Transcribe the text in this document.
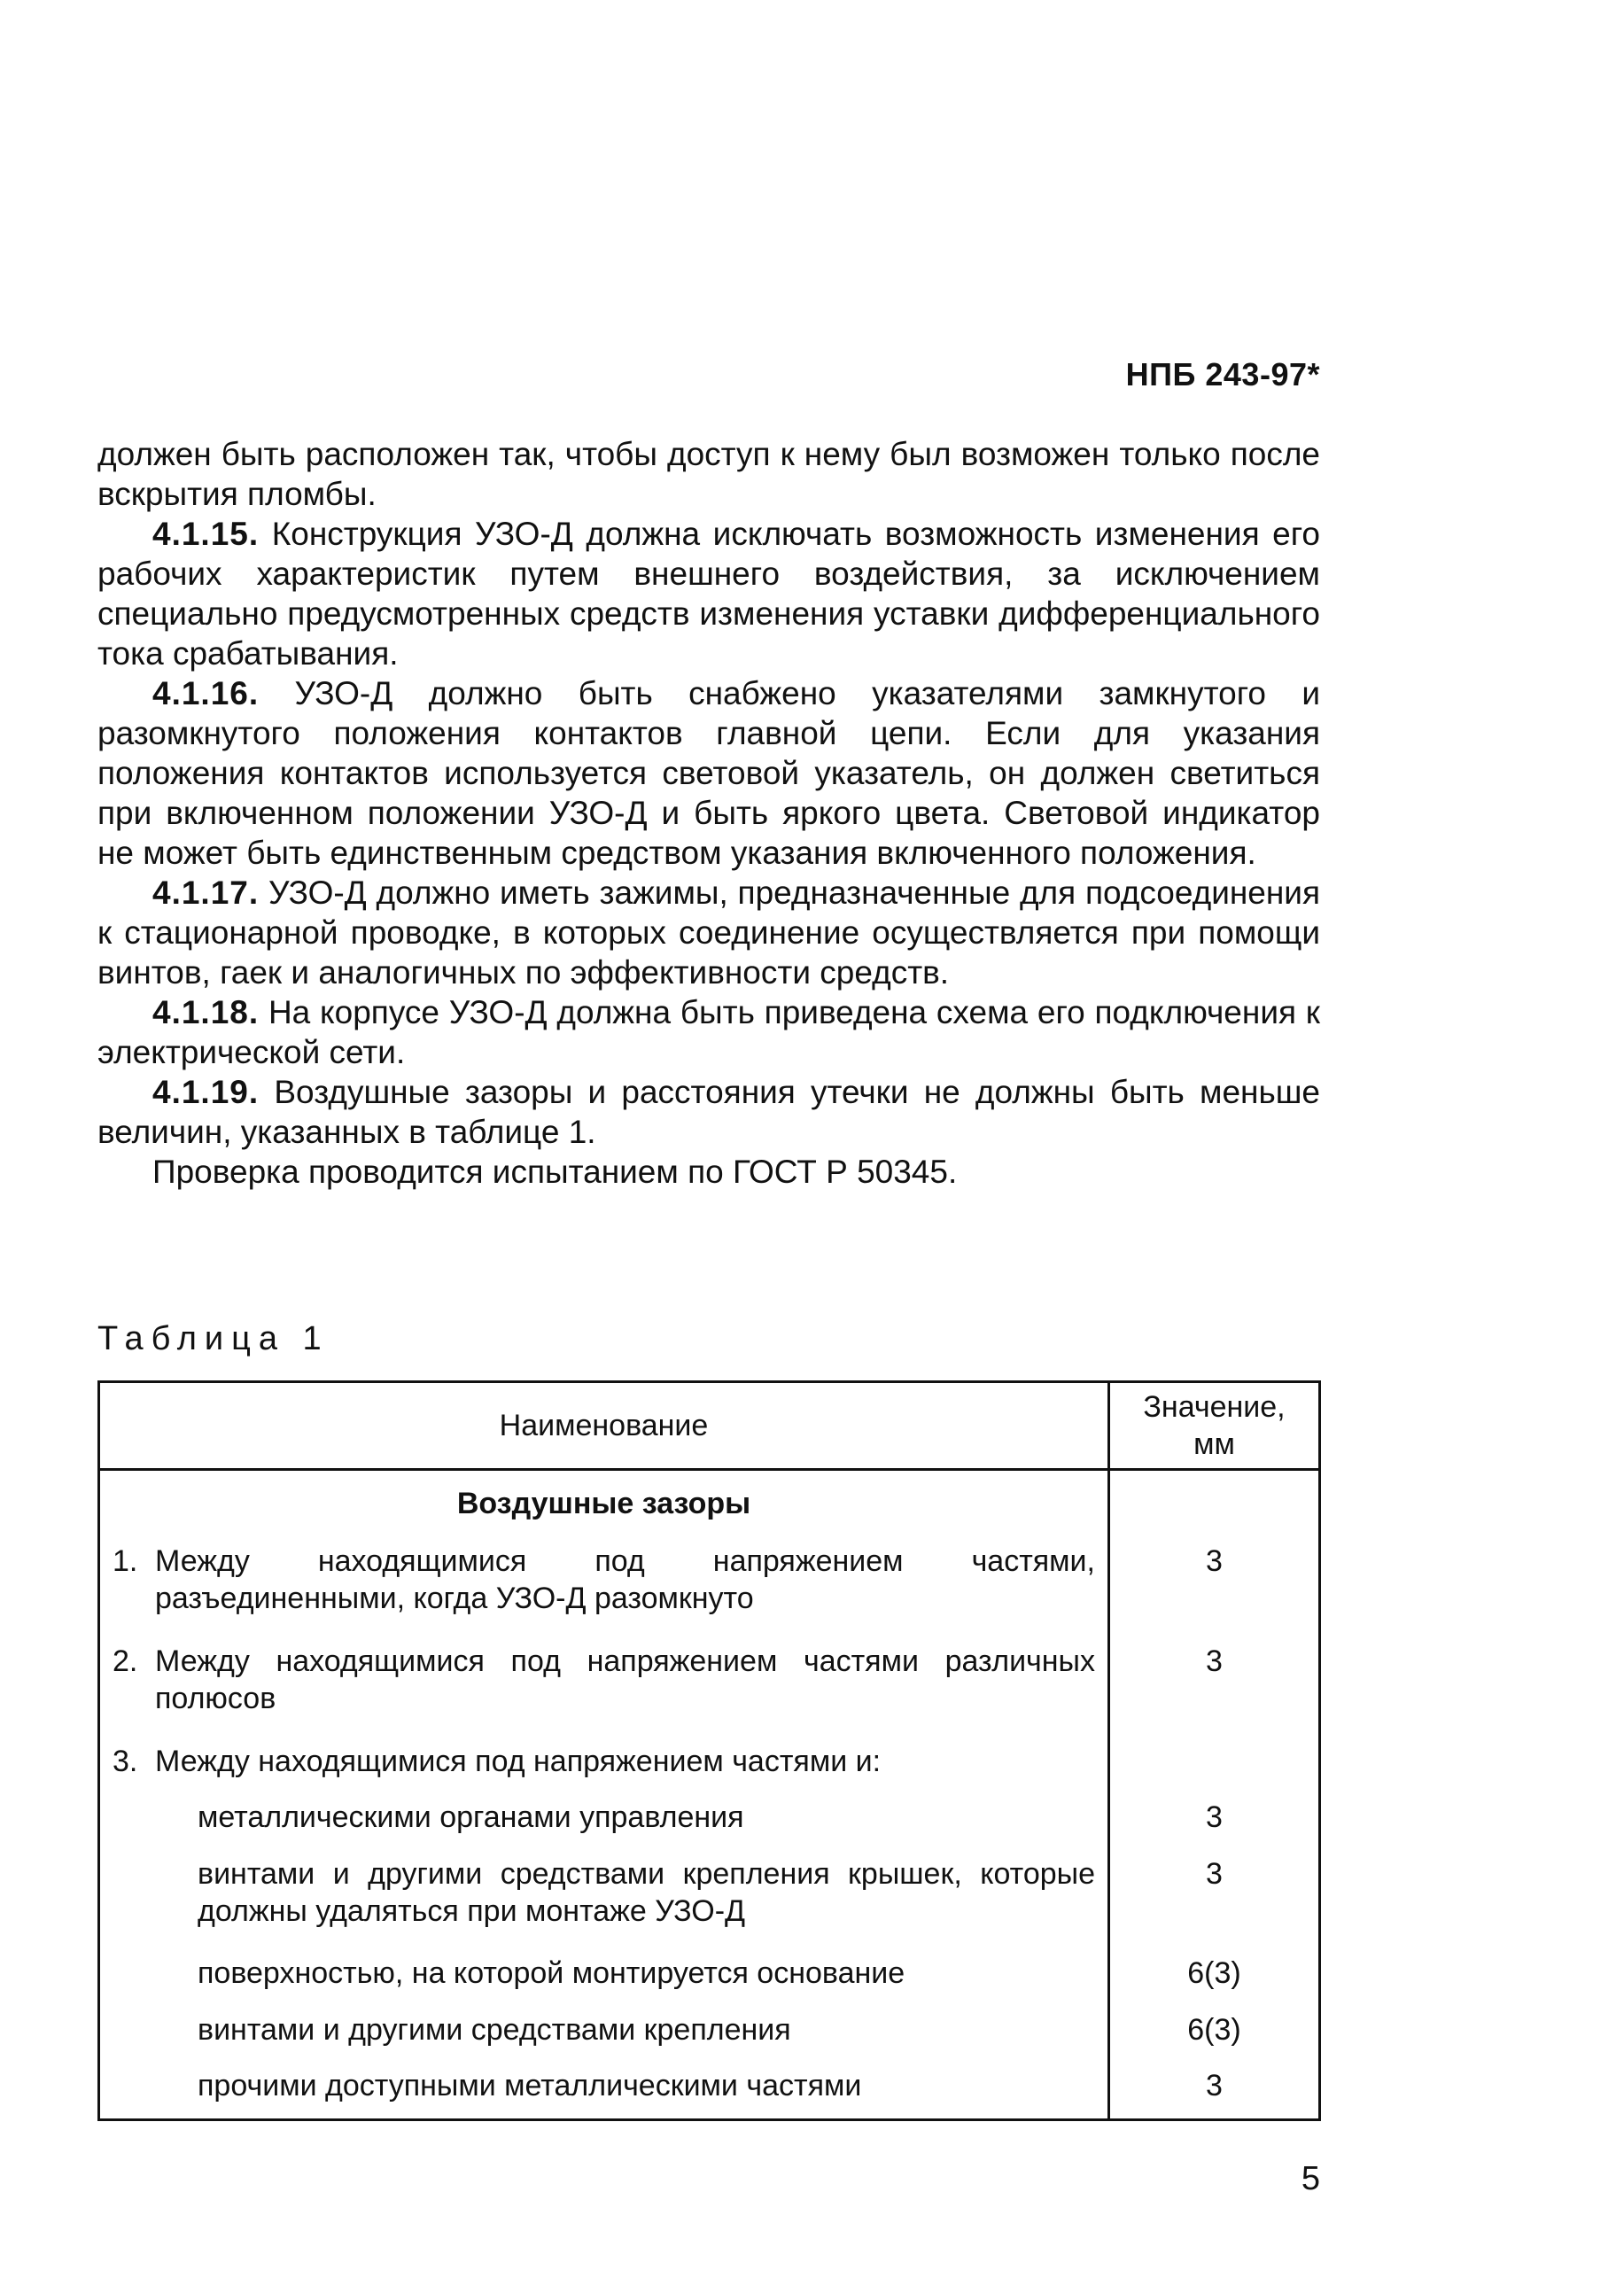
НПБ 243-97*

должен быть расположен так, чтобы доступ к нему был возможен только после вскрытия пломбы.

4.1.15. Конструкция УЗО-Д должна исключать возможность изменения его рабочих характеристик путем внешнего воздействия, за исключением специально предусмотренных средств изменения уставки дифференциального тока срабатывания.

4.1.16. УЗО-Д должно быть снабжено указателями замкнутого и разомкнутого положения контактов главной цепи. Если для указания положения контактов используется световой указатель, он должен светиться при включенном положении УЗО-Д и быть яркого цвета. Световой индикатор не может быть единственным средством указания включенного положения.

4.1.17. УЗО-Д должно иметь зажимы, предназначенные для подсоединения к стационарной проводке, в которых соединение осуществляется при помощи винтов, гаек и аналогичных по эффективности средств.

4.1.18. На корпусе УЗО-Д должна быть приведена схема его подключения к электрической сети.

4.1.19. Воздушные зазоры и расстояния утечки не должны быть меньше величин, указанных в таблице 1.

Проверка проводится испытанием по ГОСТ Р 50345.

Таблица 1
Наименование	Значение, мм
Воздушные зазоры	

1. Между находящимися под напряжением частями, разъединенными, когда УЗО-Д разомкнуто	3

2. Между находящимися под напряжением частями различных полюсов	3

3. Между находящимися под напряжением частями и:	

металлическими органами управления	3
винтами и другими средствами крепления крышек, которые должны удаляться при монтаже УЗО-Д	3
поверхностью, на которой монтируется основание	6(3)
винтами и другими средствами крепления	6(3)
прочими доступными металлическими частями	3
5
